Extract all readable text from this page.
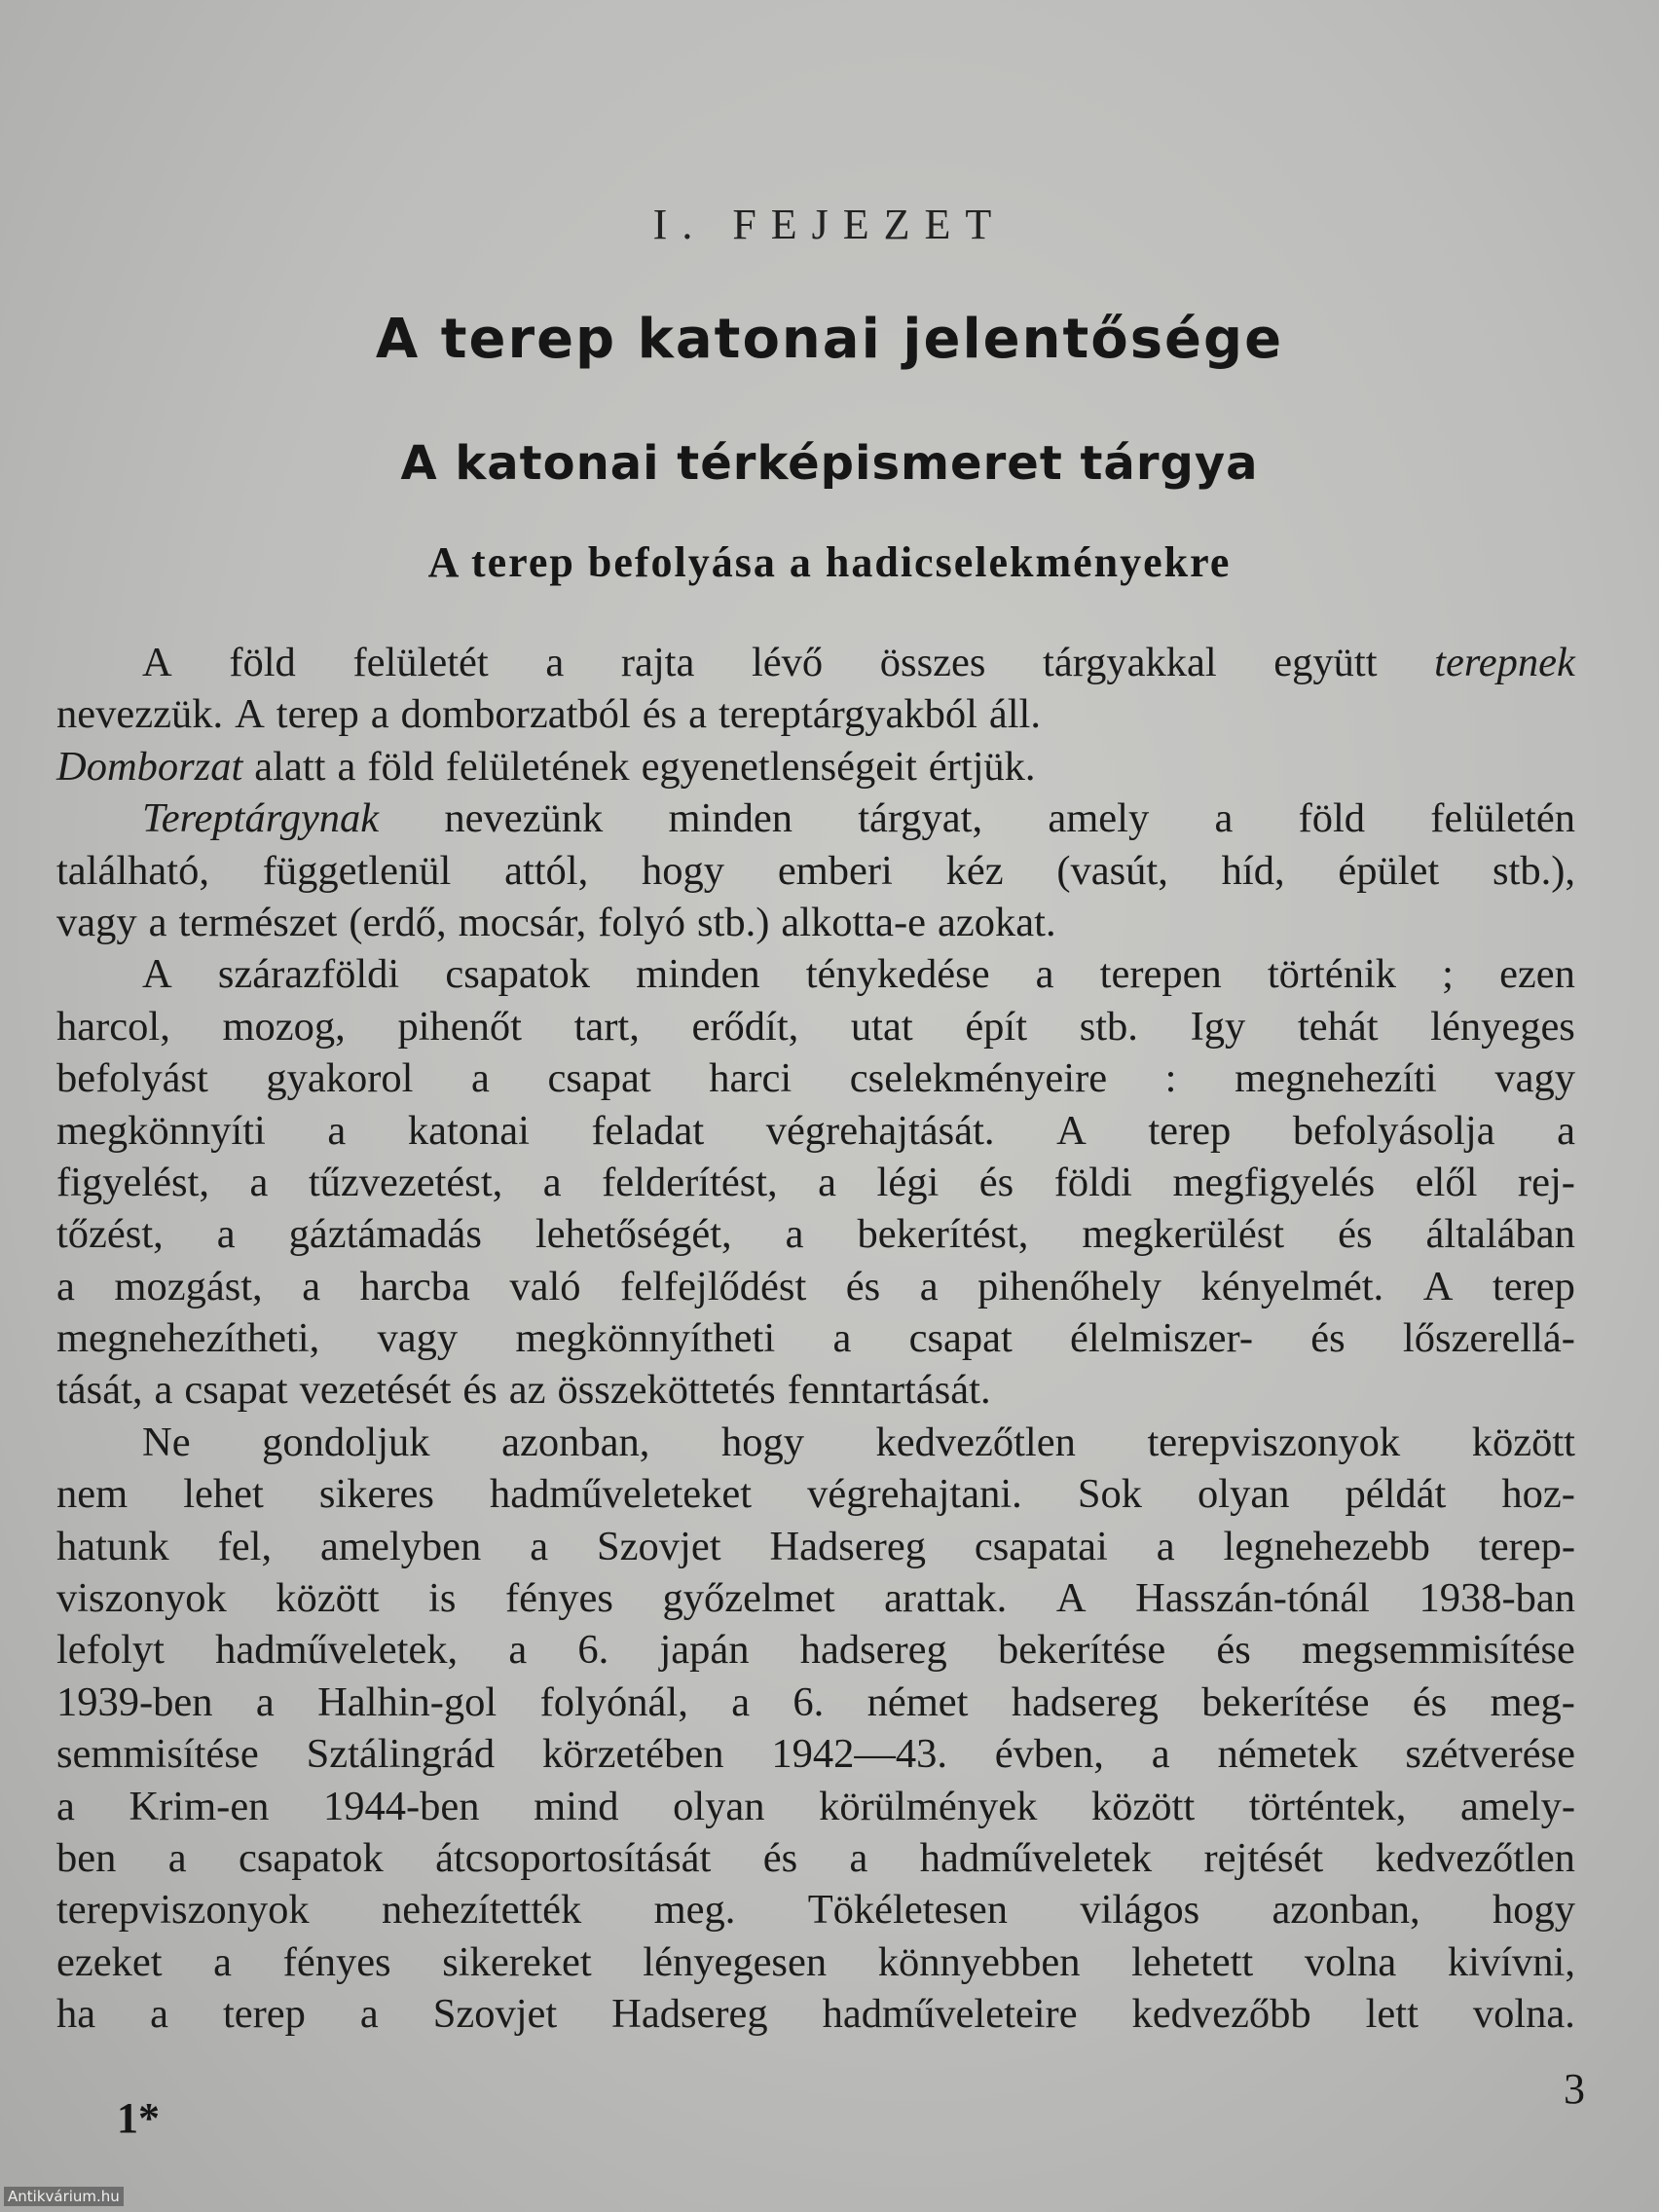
I. FEJEZET
A terep katonai jelentősége
A katonai térképismeret tárgya
A terep befolyása a hadicselekményekre
A föld felületét a rajta lévő összes tárgyakkal együtt terepnek
nevezzük. A terep a domborzatból és a tereptárgyakból áll.
Domborzat alatt a föld felületének egyenetlenségeit értjük.
Tereptárgynak nevezünk minden tárgyat, amely a föld felületén
található, függetlenül attól, hogy emberi kéz (vasút, híd, épület stb.),
vagy a természet (erdő, mocsár, folyó stb.) alkotta-e azokat.
A szárazföldi csapatok minden ténykedése a terepen történik ; ezen
harcol, mozog, pihenőt tart, erődít, utat épít stb. Igy tehát lényeges
befolyást gyakorol a csapat harci cselekményeire : megnehezíti vagy
megkönnyíti a katonai feladat végrehajtását. A terep befolyásolja a
figyelést, a tűzvezetést, a felderítést, a légi és földi megfigyelés elől rej-
tőzést, a gáztámadás lehetőségét, a bekerítést, megkerülést és általában
a mozgást, a harcba való felfejlődést és a pihenőhely kényelmét. A terep
megnehezítheti, vagy megkönnyítheti a csapat élelmiszer- és lőszerellá-
tását, a csapat vezetését és az összeköttetés fenntartását.
Ne gondoljuk azonban, hogy kedvezőtlen terepviszonyok között
nem lehet sikeres hadműveleteket végrehajtani. Sok olyan példát hoz-
hatunk fel, amelyben a Szovjet Hadsereg csapatai a legnehezebb terep-
viszonyok között is fényes győzelmet arattak. A Hasszán-tónál 1938-ban
lefolyt hadműveletek, a 6. japán hadsereg bekerítése és megsemmisítése
1939-ben a Halhin-gol folyónál, a 6. német hadsereg bekerítése és meg-
semmisítése Sztálingrád körzetében 1942—43. évben, a németek szétverése
a Krim-en 1944-ben mind olyan körülmények között történtek, amely-
ben a csapatok átcsoportosítását és a hadműveletek rejtését kedvezőtlen
terepviszonyok nehezítették meg. Tökéletesen világos azonban, hogy
ezeket a fényes sikereket lényegesen könnyebben lehetett volna kivívni,
ha a terep a Szovjet Hadsereg hadműveleteire kedvezőbb lett volna.
3
1*
Antikvárium.hu
